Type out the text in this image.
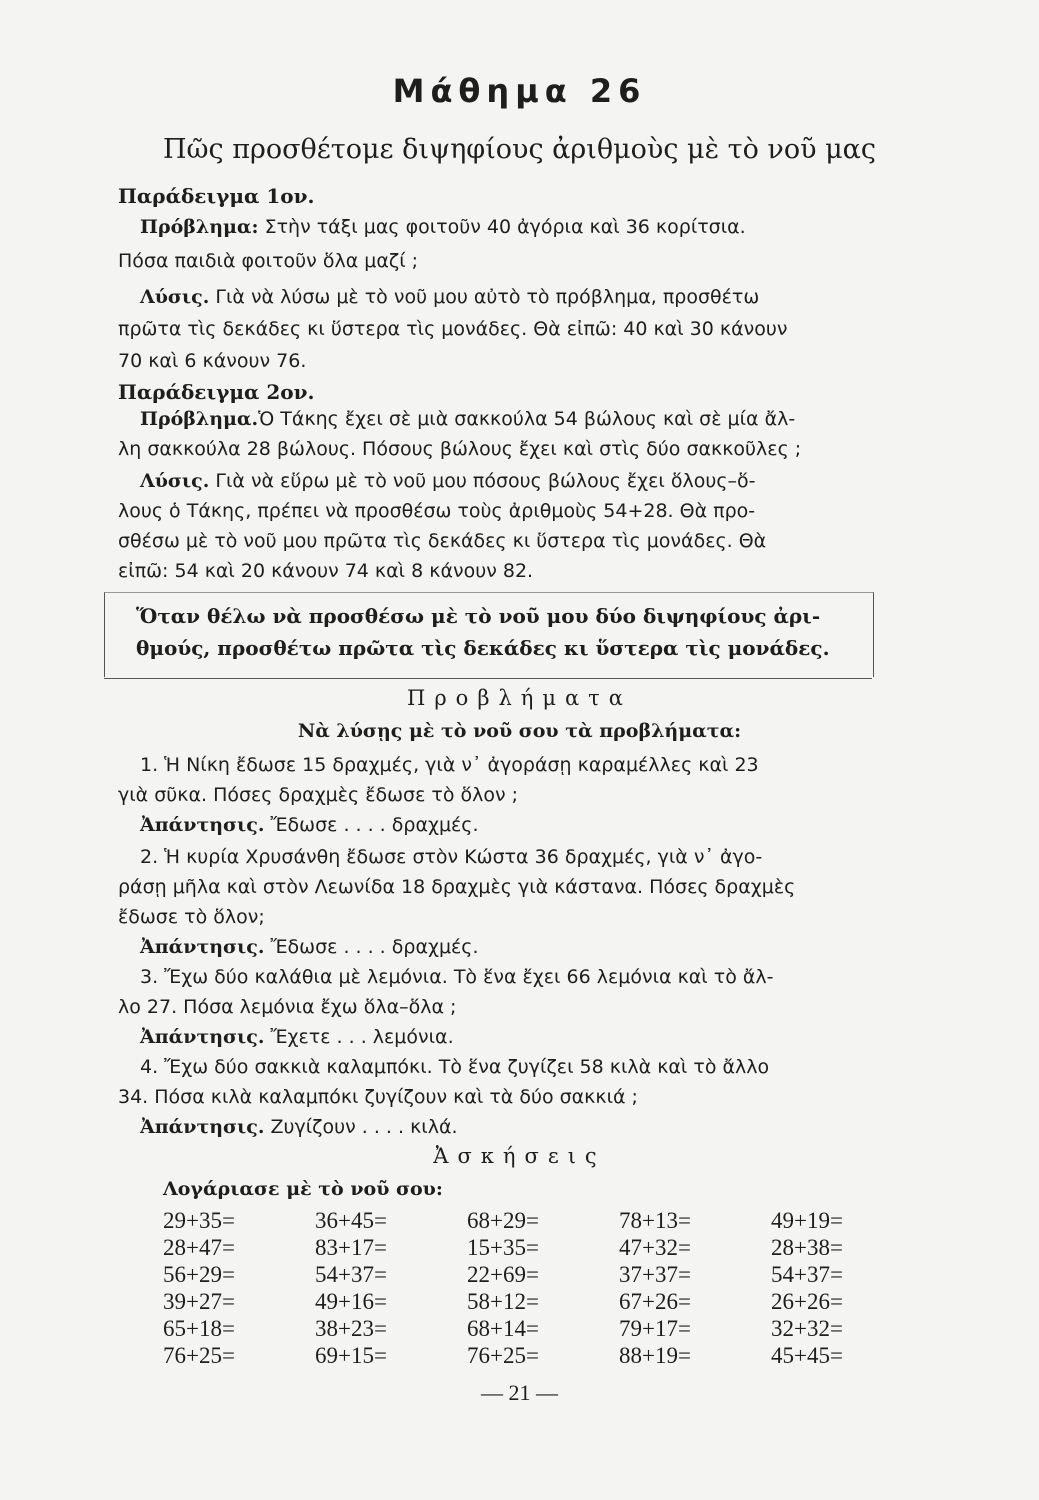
Μάθημα 26
Πῶς προσθέτομε διψηφίους ἀριθμοὺς μὲ τὸ νοῦ μας
Παράδειγμα 1ον.
Πρόβλημα: Στὴν τάξι μας φοιτοῦν 40 ἀγόρια καὶ 36 κορίτσια.
Πόσα παιδιὰ φοιτοῦν ὅλα μαζί ;
Λύσις. Γιὰ νὰ λύσω μὲ τὸ νοῦ μου αὐτὸ τὸ πρόβλημα, προσθέτω
πρῶτα τὶς δεκάδες κι ὕστερα τὶς μονάδες. Θὰ εἰπῶ: 40 καὶ 30 κάνουν
70 καὶ 6 κάνουν 76.
Παράδειγμα 2ον.
Πρόβλημα.Ὁ Τάκης ἔχει σὲ μιὰ σακκούλα 54 βώλους καὶ σὲ μία ἄλ-
λη σακκούλα 28 βώλους. Πόσους βώλους ἔχει καὶ στὶς δύο σακκοῦλες ;
Λύσις. Γιὰ νὰ εὕρω μὲ τὸ νοῦ μου πόσους βώλους ἔχει ὅλους–ὅ-
λους ὁ Τάκης, πρέπει νὰ προσθέσω τοὺς ἀριθμοὺς 54+28. Θὰ προ-
σθέσω μὲ τὸ νοῦ μου πρῶτα τὶς δεκάδες κι ὕστερα τὶς μονάδες. Θὰ
εἰπῶ: 54 καὶ 20 κάνουν 74 καὶ 8 κάνουν 82.
Ὅταν θέλω νὰ προσθέσω μὲ τὸ νοῦ μου δύο διψηφίους ἀρι-
θμούς, προσθέτω πρῶτα τὶς δεκάδες κι ὕστερα τὶς μονάδες.
Προβλήματα
Νὰ λύσῃς μὲ τὸ νοῦ σου τὰ προβλήματα:
1. Ἡ Νίκη ἔδωσε 15 δραχμές, γιὰ ν᾽ ἀγοράσῃ καραμέλλες καὶ 23
γιὰ σῦκα. Πόσες δραχμὲς ἔδωσε τὸ ὅλον ;
Ἀπάντησις. Ἔδωσε . . . . δραχμές.
2. Ἡ κυρία Χρυσάνθη ἔδωσε στὸν Κώστα 36 δραχμές, γιὰ ν᾽ ἀγο-
ράσῃ μῆλα καὶ στὸν Λεωνίδα 18 δραχμὲς γιὰ κάστανα. Πόσες δραχμὲς
ἔδωσε τὸ ὅλον;
Ἀπάντησις. Ἔδωσε . . . . δραχμές.
3. Ἔχω δύο καλάθια μὲ λεμόνια. Τὸ ἕνα ἔχει 66 λεμόνια καὶ τὸ ἄλ-
λο 27. Πόσα λεμόνια ἔχω ὅλα–ὅλα ;
Ἀπάντησις. Ἔχετε . . . λεμόνια.
4. Ἔχω δύο σακκιὰ καλαμπόκι. Τὸ ἕνα ζυγίζει 58 κιλὰ καὶ τὸ ἄλλο
34. Πόσα κιλὰ καλαμπόκι ζυγίζουν καὶ τὰ δύο σακκιά ;
Ἀπάντησις. Ζυγίζουν . . . . κιλά.
Ἀσκήσεις
Λογάριασε μὲ τὸ νοῦ σου:
29+35=	36+45=	68+29=	78+13=	49+19=
28+47=	83+17=	15+35=	47+32=	28+38=
56+29=	54+37=	22+69=	37+37=	54+37=
39+27=	49+16=	58+12=	67+26=	26+26=
65+18=	38+23=	68+14=	79+17=	32+32=
76+25=	69+15=	76+25=	88+19=	45+45=
— 21 —
